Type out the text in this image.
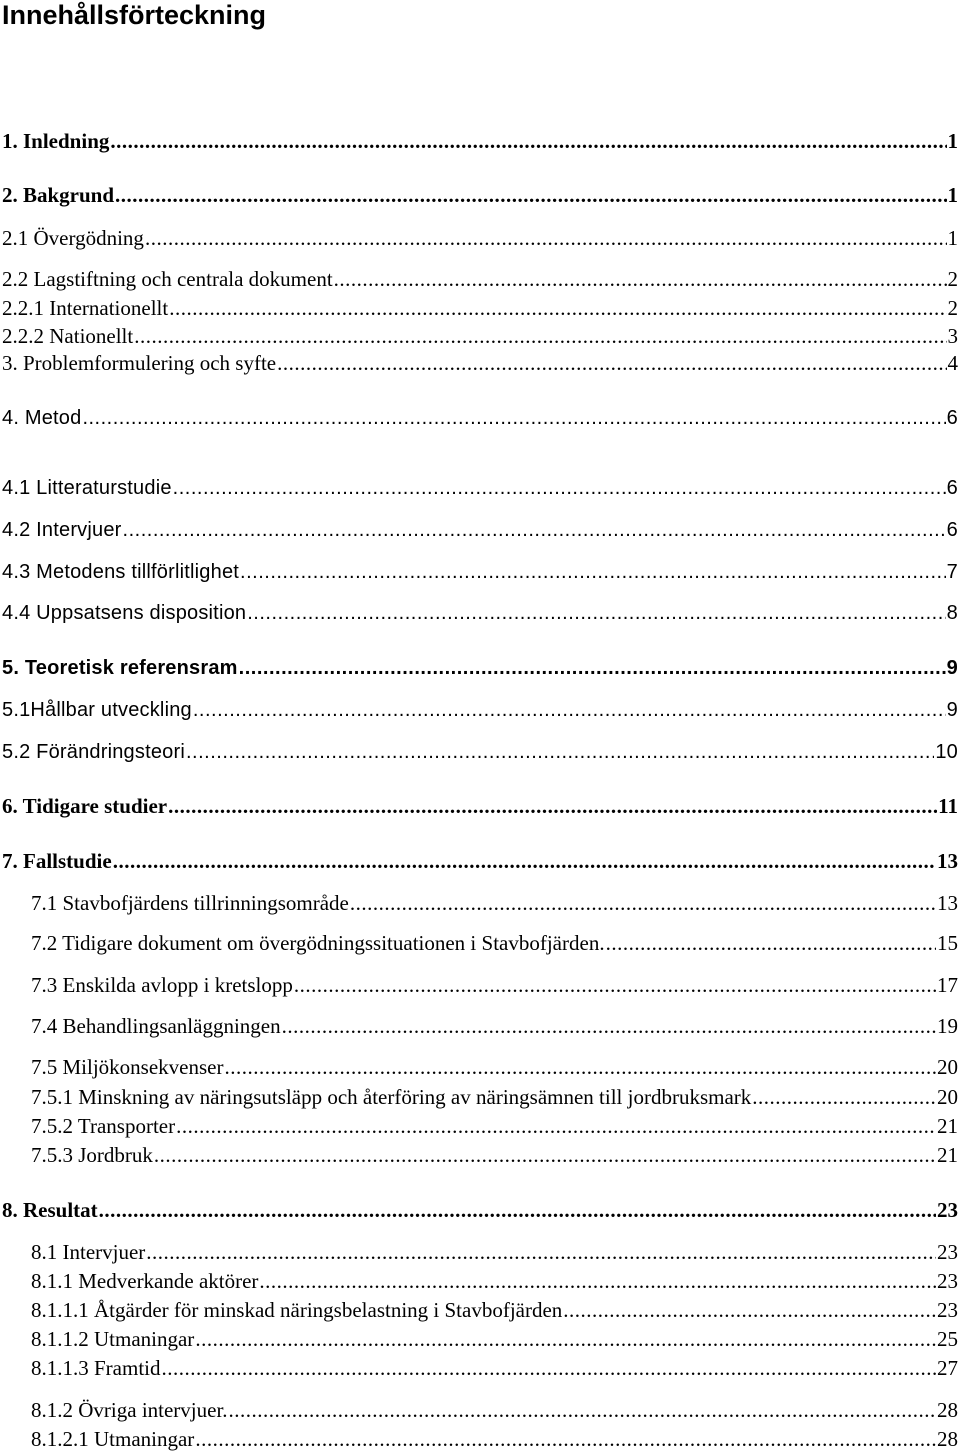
Innehållsförteckning
1. Inledning .....	1
2. Bakgrund .....	1
2.1 Övergödning .....	1
2.2 Lagstiftning och centrala dokument .....	2
2.2.1 Internationellt .....	2
2.2.2 Nationellt .....	3
3. Problemformulering och syfte .....	4
4. Metod .....	6
4.1 Litteraturstudie .....	6
4.2 Intervjuer .....	6
4.3 Metodens tillförlitlighet .....	7
4.4 Uppsatsens disposition .....	8
5. Teoretisk referensram .....	9
5.1Hållbar utveckling .....	9
5.2 Förändringsteori .....	10
6. Tidigare studier .....	11
7. Fallstudie .....	13
7.1 Stavbofjärdens tillrinningsområde .....	13
7.2 Tidigare dokument om övergödningssituationen i Stavbofjärden. .....	15
7.3 Enskilda avlopp i kretslopp .....	17
7.4 Behandlingsanläggningen .....	19
7.5 Miljökonsekvenser .....	20
7.5.1 Minskning av näringsutsläpp och återföring av näringsämnen till jordbruksmark .....	20
7.5.2 Transporter .....	21
7.5.3 Jordbruk .....	21
8. Resultat .....	23
8.1 Intervjuer .....	23
8.1.1 Medverkande aktörer .....	23
8.1.1.1 Åtgärder för minskad näringsbelastning i Stavbofjärden .....	23
8.1.1.2 Utmaningar .....	25
8.1.1.3 Framtid .....	27
8.1.2 Övriga intervjuer. .....	28
8.1.2.1 Utmaningar .....	28
